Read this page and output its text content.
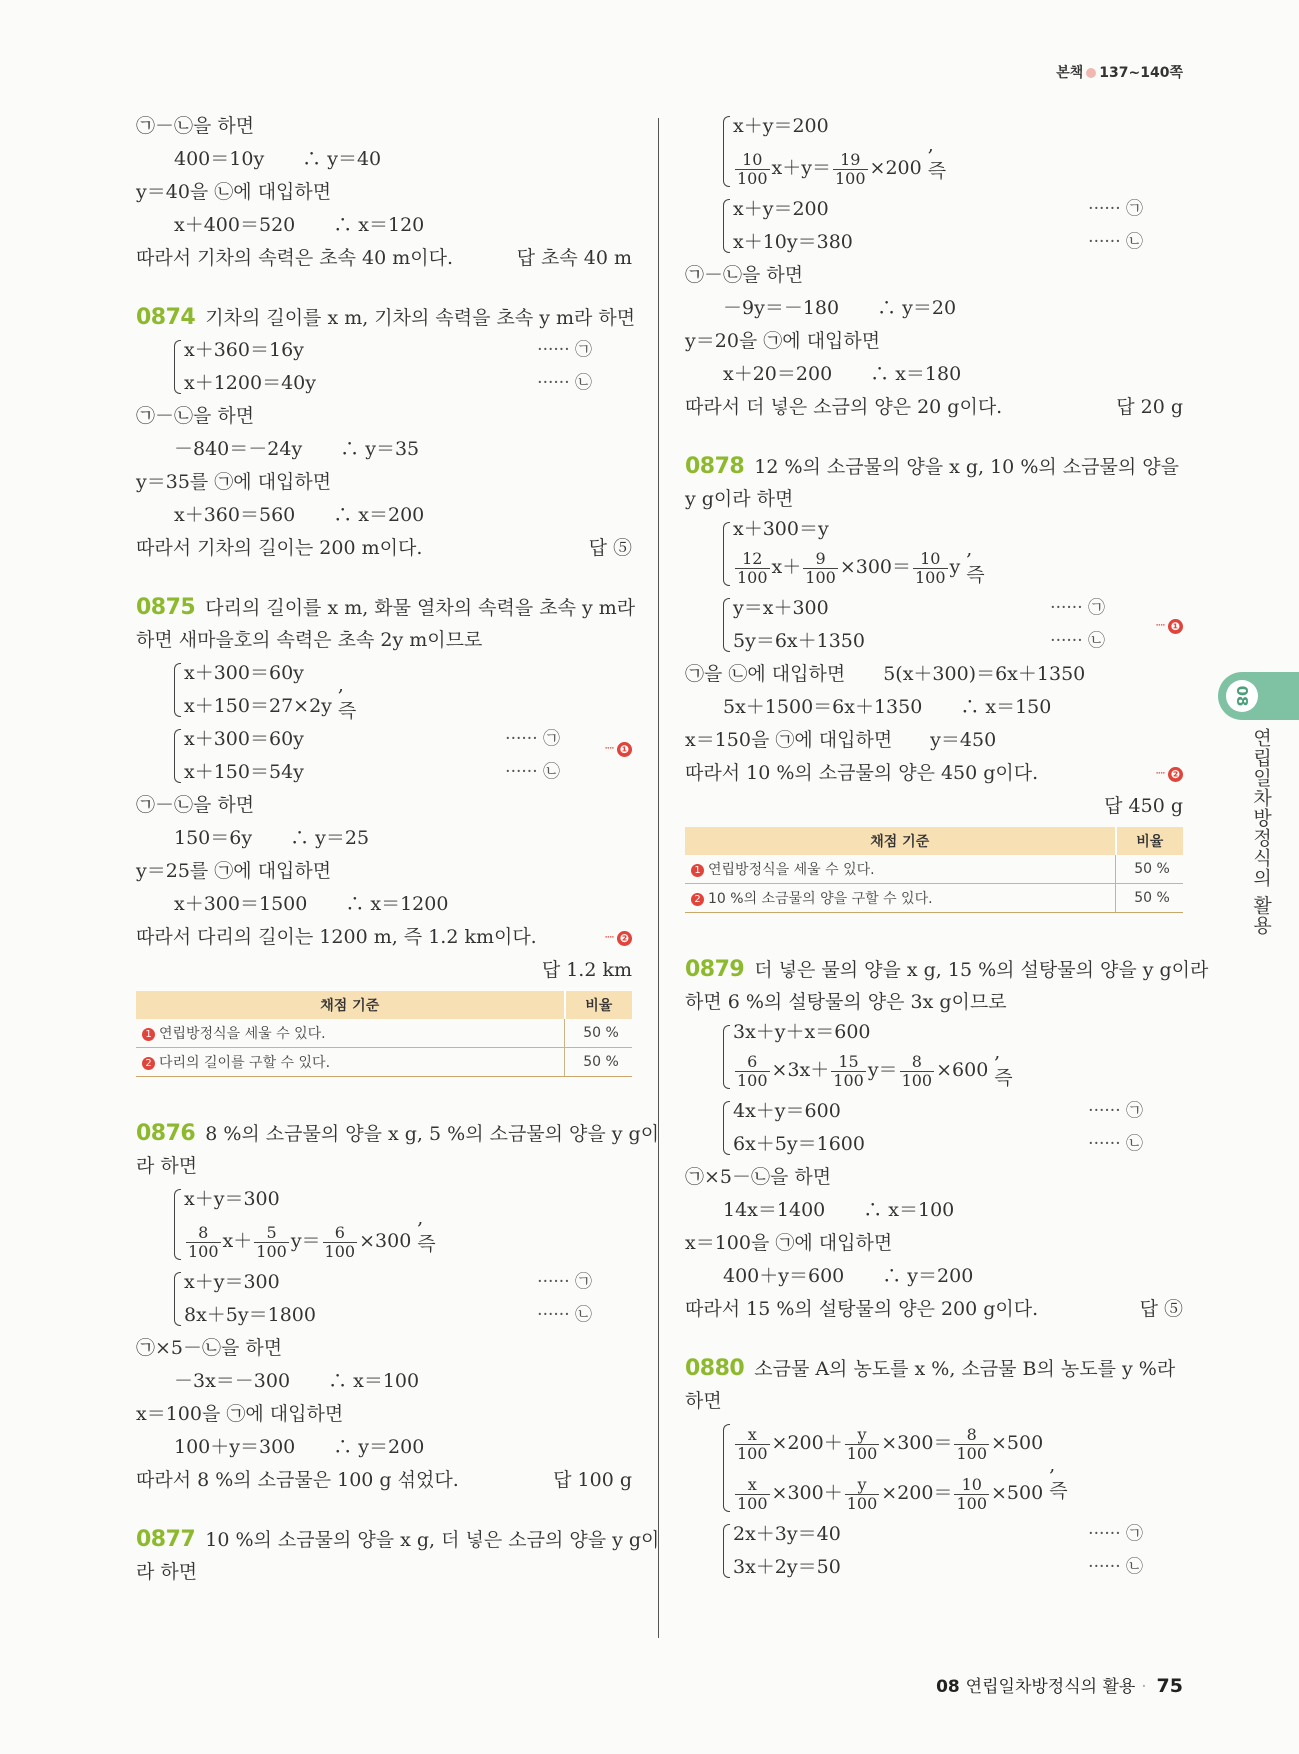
본책 137~140쪽
㉠－㉡을 하면
400＝10y　　∴ y＝40
y＝40을 ㉡에 대입하면
x＋400＝520　　∴ x＝120
따라서 기차의 속력은 초속 40 m이다.	답 초속 40 m
0874 기차의 길이를 x m, 기차의 속력을 초속 y m라 하면
x＋360＝16y	······ ㉠
x＋1200＝40y	······ ㉡
㉠－㉡을 하면
－840＝－24y　　∴ y＝35
y＝35를 ㉠에 대입하면
x＋360＝560　　∴ x＝200
따라서 기차의 길이는 200 m이다.	답 ⑤
0875 다리의 길이를 x m, 화물 열차의 속력을 초속 y m라
하면 새마을호의 속력은 초속 2y m이므로
x＋300＝60y
x＋150＝27×2y
, 즉
x＋300＝60y	······ ㉠
x＋150＝54y	······ ㉡
┈ ❶
㉠－㉡을 하면
150＝6y　　∴ y＝25
y＝25를 ㉠에 대입하면
x＋300＝1500　　∴ x＝1200
따라서 다리의 길이는 1200 m, 즉 1.2 km이다.	┈ ❷
답 1.2 km
채점 기준	비율
1 연립방정식을 세울 수 있다.	50 %
2 다리의 길이를 구할 수 있다.	50 %
0876 8 %의 소금물의 양을 x g, 5 %의 소금물의 양을 y g이
라 하면
x＋y＝300
$\frac{8}{100} x+ \frac{5}{100} y= \frac{6}{100} \times 300$
, 즉
x＋y＝300	······ ㉠
8x＋5y＝1800	······ ㉡
㉠×5－㉡을 하면
－3x＝－300　　∴ x＝100
x＝100을 ㉠에 대입하면
100＋y＝300　　∴ y＝200
따라서 8 %의 소금물은 100 g 섞었다.	답 100 g
0877 10 %의 소금물의 양을 x g, 더 넣은 소금의 양을 y g이
라 하면
x＋y＝200
$\frac{10}{100} x+y= \frac{19}{100} \times 200$
, 즉
x＋y＝200	······ ㉠
x＋10y＝380	······ ㉡
㉠－㉡을 하면
－9y＝－180　　∴ y＝20
y＝20을 ㉠에 대입하면
x＋20＝200　　∴ x＝180
따라서 더 넣은 소금의 양은 20 g이다.	답 20 g
0878 12 %의 소금물의 양을 x g, 10 %의 소금물의 양을
y g이라 하면
x＋300＝y
$\frac{12}{100} x+ \frac{9}{100} \times 300= \frac{10}{100}$ y
, 즉
y＝x＋300	······ ㉠
5y＝6x＋1350	······ ㉡
┈ ❶
㉠을 ㉡에 대입하면　　5(x＋300)＝6x＋1350
5x＋1500＝6x＋1350　　∴ x＝150
x＝150을 ㉠에 대입하면　　y＝450
따라서 10 %의 소금물의 양은 450 g이다.	┈ ❷
답 450 g
채점 기준	비율
1 연립방정식을 세울 수 있다.	50 %
2 10 %의 소금물의 양을 구할 수 있다.	50 %
0879 더 넣은 물의 양을 x g, 15 %의 설탕물의 양을 y g이라
하면 6 %의 설탕물의 양은 3x g이므로
3x＋y＋x＝600
$\frac{6}{100} \times 3x+ \frac{15}{100} y= \frac{8}{100} \times 600$
, 즉
4x＋y＝600	······ ㉠
6x＋5y＝1600	······ ㉡
㉠×5－㉡을 하면
14x＝1400　　∴ x＝100
x＝100을 ㉠에 대입하면
400＋y＝600　　∴ y＝200
따라서 15 %의 설탕물의 양은 200 g이다.	답 ⑤
0880 소금물 A의 농도를 x %, 소금물 B의 농도를 y %라
하면
$\frac{x}{100} \times 200+ \frac{y}{100} \times 300= \frac{8}{100} \times 500$
$\frac{x}{100} \times 300+ \frac{y}{100} \times 200= \frac{10}{100} \times 500$
, 즉
2x＋3y＝40	······ ㉠
3x＋2y＝50	······ ㉡
08
연립일차방정식의 활용
08 연립일차방정식의 활용 · 75
